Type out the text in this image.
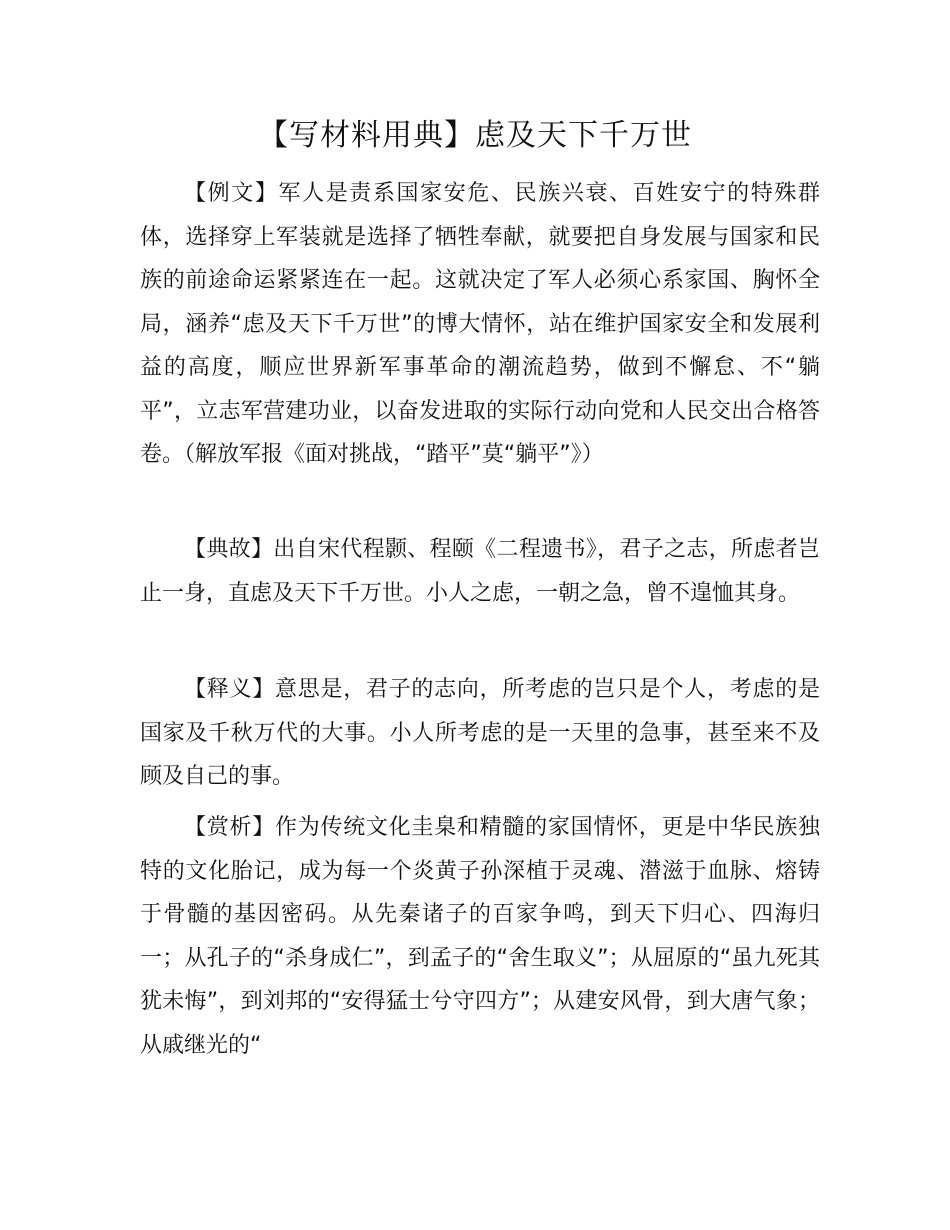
【写材料用典】虑及天下千万世

【例文】军人是责系国家安危、民族兴衰、百姓安宁的特殊群体，选择穿上军装就是选择了牺牲奉献，就要把自身发展与国家和民族的前途命运紧紧连在一起。这就决定了军人必须心系家国、胸怀全局，涵养“虑及天下千万世”的博大情怀，站在维护国家安全和发展利益的高度，顺应世界新军事革命的潮流趋势，做到不懈怠、不“躺平”，立志军营建功业，以奋发进取的实际行动向党和人民交出合格答卷。（解放军报《面对挑战，“踏平”莫“躺平”》）

【典故】出自宋代程颢、程颐《二程遗书》，君子之志，所虑者岂止一身，直虑及天下千万世。小人之虑，一朝之急，曾不遑恤其身。

【释义】意思是，君子的志向，所考虑的岂只是个人，考虑的是国家及千秋万代的大事。小人所考虑的是一天里的急事，甚至来不及顾及自己的事。

【赏析】作为传统文化圭臬和精髓的家国情怀，更是中华民族独特的文化胎记，成为每一个炎黄子孙深植于灵魂、潜滋于血脉、熔铸于骨髓的基因密码。从先秦诸子的百家争鸣，到天下归心、四海归一；从孔子的“杀身成仁”，到孟子的“舍生取义”；从屈原的“虽九死其犹未悔”，到刘邦的“安得猛士兮守四方”；从建安风骨，到大唐气象；从戚继光的“
